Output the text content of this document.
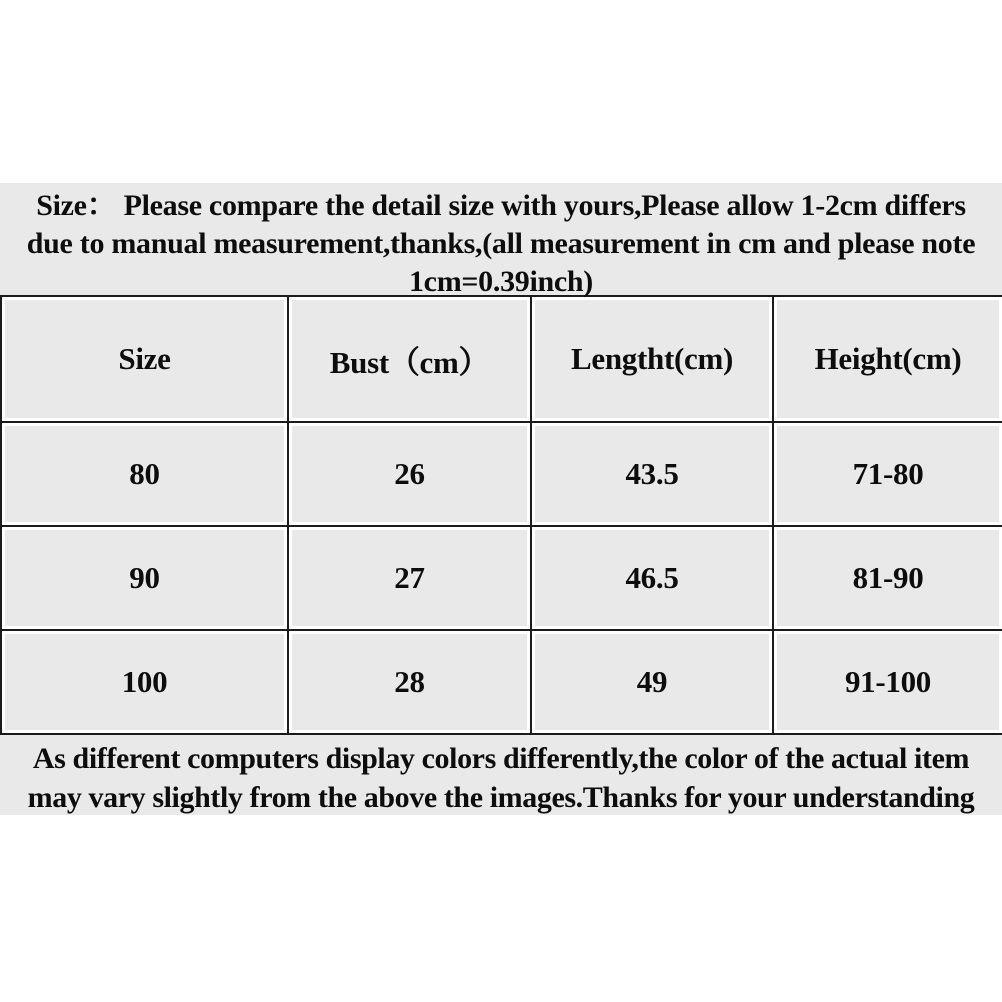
Size： Please compare the detail size with yours,Please allow 1-2cm differs
due to manual measurement,thanks,(all measurement in cm and please note
1cm=0.39inch)
Size	Bust（cm）	Lengtht(cm)	Height(cm)
80	26	43.5	71-80
90	27	46.5	81-90
100	28	49	91-100
As different computers display colors differently,the color of the actual item
may vary slightly from the above the images.Thanks for your understanding
